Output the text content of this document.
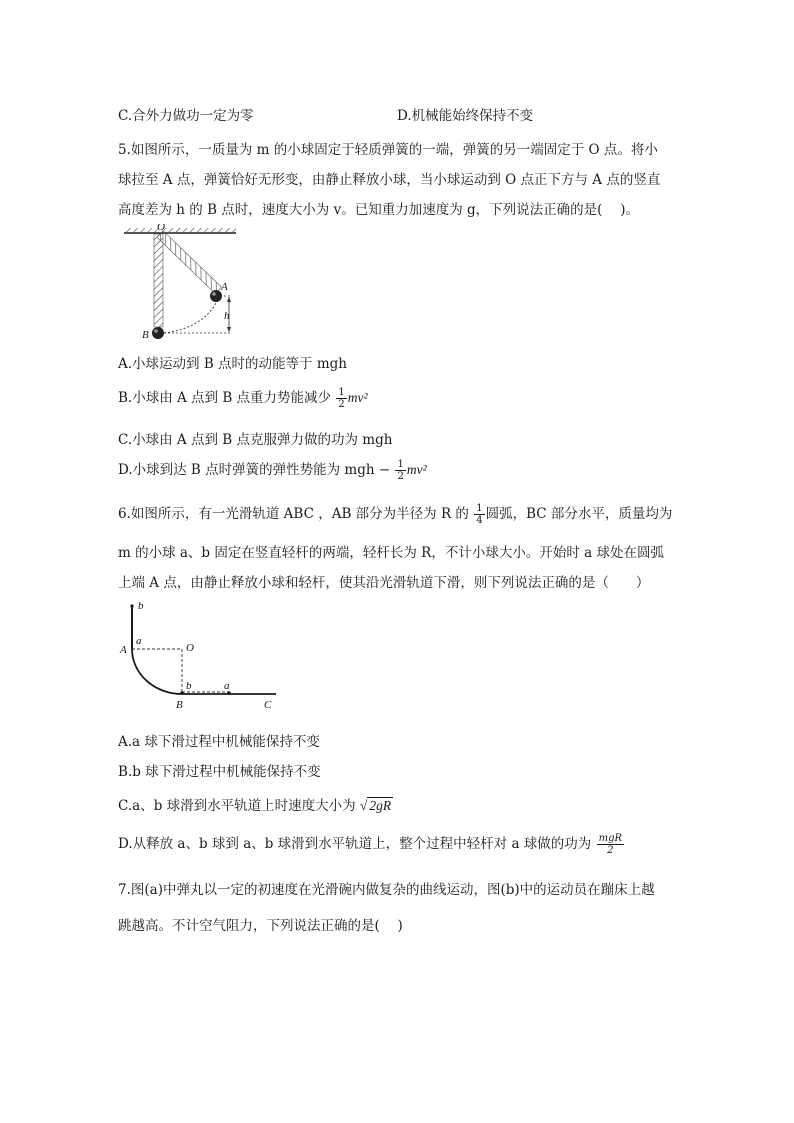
C.合外力做功一定为零	D.机械能始终保持不变
5.如图所示，一质量为 m 的小球固定于轻质弹簧的一端，弹簧的另一端固定于 O 点。将小
球拉至 A 点，弹簧恰好无形变，由静止释放小球，当小球运动到 O 点正下方与 A 点的竖直
高度差为 h 的 B 点时，速度大小为 v。已知重力加速度为 g，下列说法正确的是(　 )。
O
A
B
h
A.小球运动到 B 点时的动能等于 mgh
B.小球由 A 点到 B 点重力势能减少 $\frac{1}{2} mv^2$
C.小球由 A 点到 B 点克服弹力做的功为 mgh
D.小球到达 B 点时弹簧的弹性势能为 mgh − $\frac{1}{2} mv^2$
6.如图所示，有一光滑轨道 ABC ，AB 部分为半径为 R 的 $\frac{1}{4}$ 圆弧，BC 部分水平，质量均为
m 的小球 a、b 固定在竖直轻杆的两端，轻杆长为 R，不计小球大小。开始时 a 球处在圆弧
上端 A 点，由静止释放小球和轻杆，使其沿光滑轨道下滑，则下列说法正确的是（　　）
b
a
A	O
b	a
B	C
A.a 球下滑过程中机械能保持不变
B.b 球下滑过程中机械能保持不变
C.a、b 球滑到水平轨道上时速度大小为 √ 2gR
D.从释放 a、b 球到 a、b 球滑到水平轨道上，整个过程中轻杆对 a 球做的功为 $\frac{\text{mgR}}{2}$
7.图(a)中弹丸以一定的初速度在光滑碗内做复杂的曲线运动，图(b)中的运动员在蹦床上越
跳越高。不计空气阻力，下列说法正确的是(　 )
